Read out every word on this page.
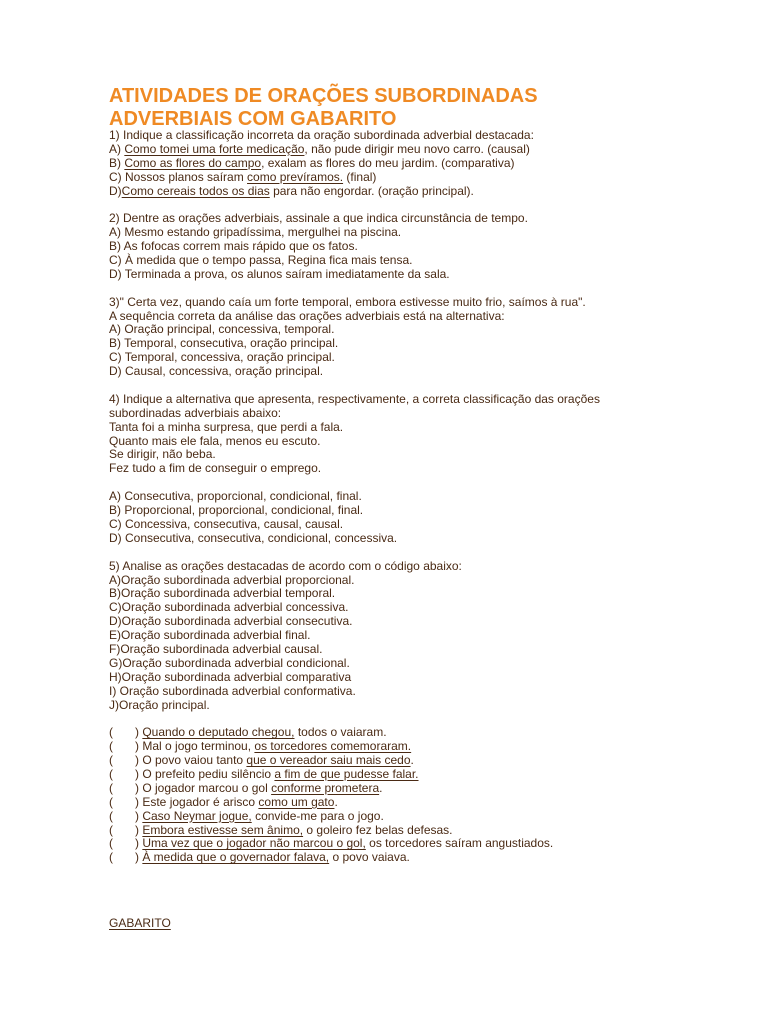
ATIVIDADES DE ORAÇÕES SUBORDINADAS ADVERBIAIS COM GABARITO
1) Indique a classificação incorreta da oração subordinada adverbial destacada:
A) Como tomei uma forte medicação, não pude dirigir meu novo carro. (causal)
B) Como as flores do campo, exalam as flores do meu jardim. (comparativa)
C) Nossos planos saíram como prevíramos. (final)
D)Como cereais todos os dias para não engordar. (oração principal).
2) Dentre as orações adverbiais, assinale a que indica circunstância de tempo.
A) Mesmo estando gripadíssima, mergulhei na piscina.
B) As fofocas correm mais rápido que os fatos.
C) À medida que o tempo passa, Regina fica mais tensa.
D) Terminada a prova, os alunos saíram imediatamente da sala.
3)" Certa vez, quando caía um forte temporal, embora estivesse muito frio, saímos à rua".
A sequência correta da análise das orações adverbiais está na alternativa:
A) Oração principal, concessiva, temporal.
B) Temporal, consecutiva, oração principal.
C) Temporal, concessiva, oração principal.
D) Causal, concessiva, oração principal.
4) Indique a alternativa que apresenta, respectivamente, a correta classificação das orações
subordinadas adverbiais abaixo:
Tanta foi a minha surpresa, que perdi a fala.
Quanto mais ele fala, menos eu escuto.
Se dirigir, não beba.
Fez tudo a fim de conseguir o emprego.
A) Consecutiva, proporcional, condicional, final.
B) Proporcional, proporcional, condicional, final.
C) Concessiva, consecutiva, causal, causal.
D) Consecutiva, consecutiva, condicional, concessiva.
5) Analise as orações destacadas de acordo com o código abaixo:
A)Oração subordinada adverbial proporcional.
B)Oração subordinada adverbial temporal.
C)Oração subordinada adverbial concessiva.
D)Oração subordinada adverbial consecutiva.
E)Oração subordinada adverbial final.
F)Oração subordinada adverbial causal.
G)Oração subordinada adverbial condicional.
H)Oração subordinada adverbial comparativa
I) Oração subordinada adverbial conformativa.
J)Oração principal.
( ) Quando o deputado chegou, todos o vaiaram.
( ) Mal o jogo terminou, os torcedores comemoraram.
( ) O povo vaiou tanto que o vereador saiu mais cedo.
( ) O prefeito pediu silêncio a fim de que pudesse falar.
( ) O jogador marcou o gol conforme prometera.
( ) Este jogador é arisco como um gato.
( ) Caso Neymar jogue, convide-me para o jogo.
( ) Embora estivesse sem ânimo, o goleiro fez belas defesas.
( ) Uma vez que o jogador não marcou o gol, os torcedores saíram angustiados.
( ) À medida que o governador falava, o povo vaiava.
GABARITO
